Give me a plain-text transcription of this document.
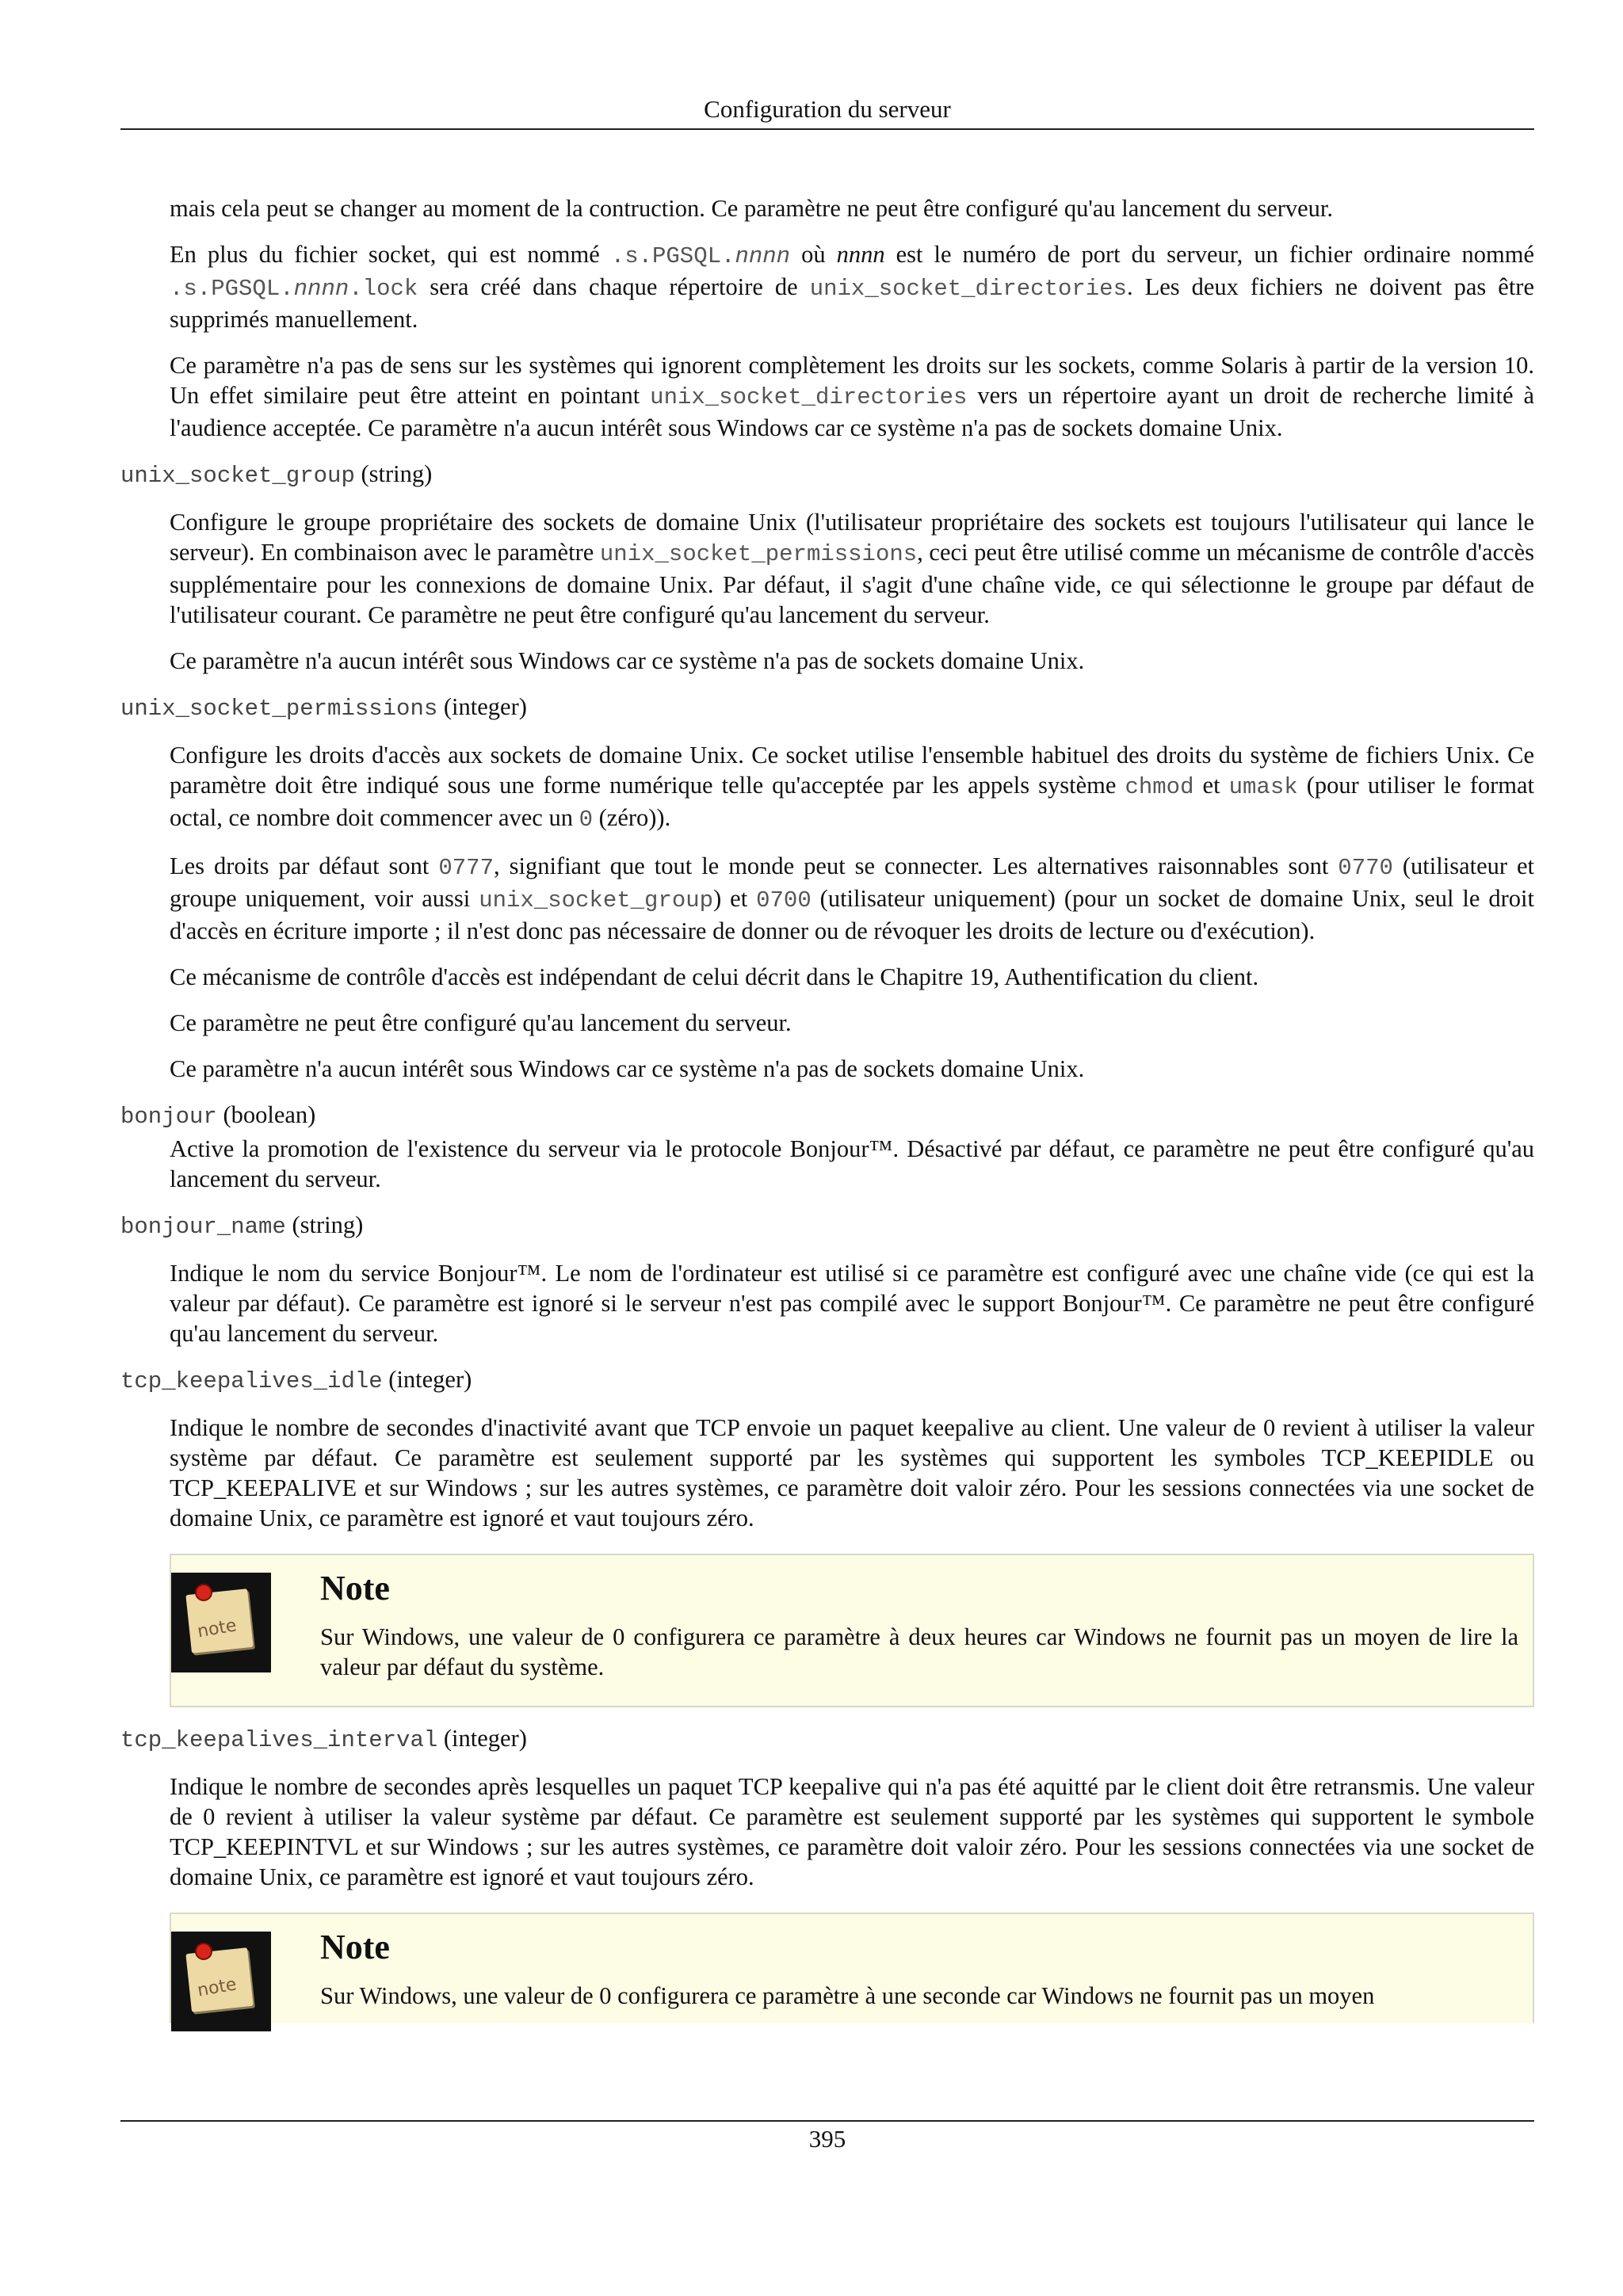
Configuration du serveur

mais cela peut se changer au moment de la contruction. Ce paramètre ne peut être configuré qu'au lancement du serveur.

En plus du fichier socket, qui est nommé .s.PGSQL.nnnn où nnnn est le numéro de port du serveur, un fichier ordinaire nommé .s.PGSQL.nnnn.lock sera créé dans chaque répertoire de unix_socket_directories. Les deux fichiers ne doivent pas être supprimés manuellement.

Ce paramètre n'a pas de sens sur les systèmes qui ignorent complètement les droits sur les sockets, comme Solaris à partir de la version 10. Un effet similaire peut être atteint en pointant unix_socket_directories vers un répertoire ayant un droit de recherche limité à l'audience acceptée. Ce paramètre n'a aucun intérêt sous Windows car ce système n'a pas de sockets domaine Unix.

unix_socket_group (string)

Configure le groupe propriétaire des sockets de domaine Unix (l'utilisateur propriétaire des sockets est toujours l'utilisateur qui lance le serveur). En combinaison avec le paramètre unix_socket_permissions, ceci peut être utilisé comme un mécanisme de contrôle d'accès supplémentaire pour les connexions de domaine Unix. Par défaut, il s'agit d'une chaîne vide, ce qui sélectionne le groupe par défaut de l'utilisateur courant. Ce paramètre ne peut être configuré qu'au lancement du serveur.

Ce paramètre n'a aucun intérêt sous Windows car ce système n'a pas de sockets domaine Unix.

unix_socket_permissions (integer)

Configure les droits d'accès aux sockets de domaine Unix. Ce socket utilise l'ensemble habituel des droits du système de fichiers Unix. Ce paramètre doit être indiqué sous une forme numérique telle qu'acceptée par les appels système chmod et umask (pour utiliser le format octal, ce nombre doit commencer avec un 0 (zéro)).

Les droits par défaut sont 0777, signifiant que tout le monde peut se connecter. Les alternatives raisonnables sont 0770 (utilisateur et groupe uniquement, voir aussi unix_socket_group) et 0700 (utilisateur uniquement) (pour un socket de domaine Unix, seul le droit d'accès en écriture importe ; il n'est donc pas nécessaire de donner ou de révoquer les droits de lecture ou d'exécution).

Ce mécanisme de contrôle d'accès est indépendant de celui décrit dans le Chapitre 19, Authentification du client.

Ce paramètre ne peut être configuré qu'au lancement du serveur.

Ce paramètre n'a aucun intérêt sous Windows car ce système n'a pas de sockets domaine Unix.

bonjour (boolean)

Active la promotion de l'existence du serveur via le protocole Bonjour™. Désactivé par défaut, ce paramètre ne peut être configuré qu'au lancement du serveur.

bonjour_name (string)

Indique le nom du service Bonjour™. Le nom de l'ordinateur est utilisé si ce paramètre est configuré avec une chaîne vide (ce qui est la valeur par défaut). Ce paramètre est ignoré si le serveur n'est pas compilé avec le support Bonjour™. Ce paramètre ne peut être configuré qu'au lancement du serveur.

tcp_keepalives_idle (integer)

Indique le nombre de secondes d'inactivité avant que TCP envoie un paquet keepalive au client. Une valeur de 0 revient à utiliser la valeur système par défaut. Ce paramètre est seulement supporté par les systèmes qui supportent les symboles TCP_KEEPIDLE ou TCP_KEEPALIVE et sur Windows ; sur les autres systèmes, ce paramètre doit valoir zéro. Pour les sessions connectées via une socket de domaine Unix, ce paramètre est ignoré et vaut toujours zéro.

note

Note

Sur Windows, une valeur de 0 configurera ce paramètre à deux heures car Windows ne fournit pas un moyen de lire la valeur par défaut du système.

tcp_keepalives_interval (integer)

Indique le nombre de secondes après lesquelles un paquet TCP keepalive qui n'a pas été aquitté par le client doit être retransmis. Une valeur de 0 revient à utiliser la valeur système par défaut. Ce paramètre est seulement supporté par les systèmes qui supportent le symbole TCP_KEEPINTVL et sur Windows ; sur les autres systèmes, ce paramètre doit valoir zéro. Pour les sessions connectées via une socket de domaine Unix, ce paramètre est ignoré et vaut toujours zéro.

note

Note

Sur Windows, une valeur de 0 configurera ce paramètre à une seconde car Windows ne fournit pas un moyen

395
